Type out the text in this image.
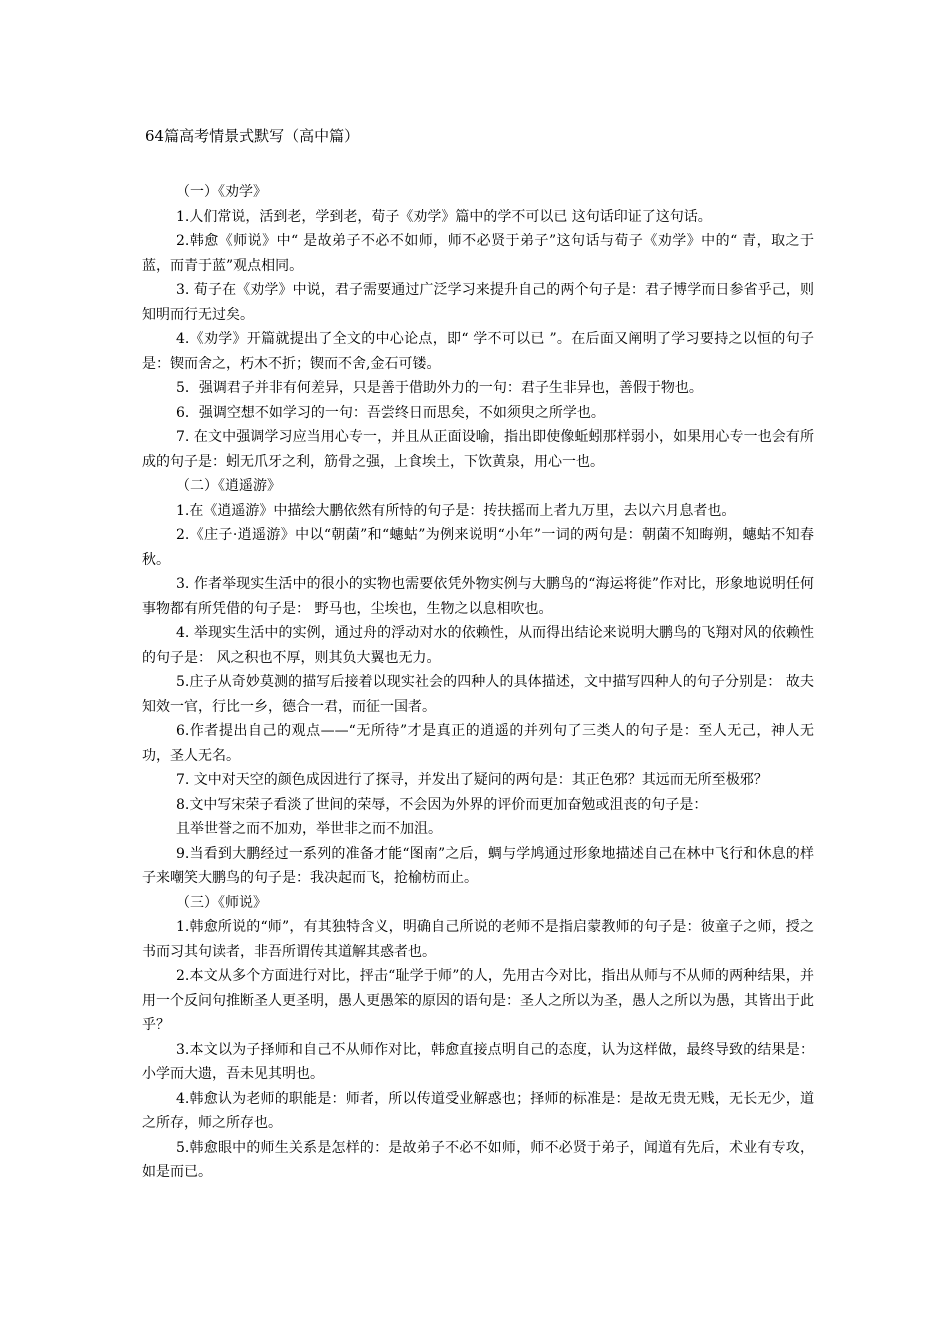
64篇高考情景式默写（高中篇）
（一）《劝学》

1.人们常说，活到老，学到老，荀子《劝学》篇中的学不可以已 这句话印证了这句话。

2.韩愈《师说》中“ 是故弟子不必不如师，师不必贤于弟子”这句话与荀子《劝学》中的“ 青，取之于蓝，而青于蓝”观点相同。

3. 荀子在《劝学》中说，君子需要通过广泛学习来提升自己的两个句子是：君子博学而日参省乎己，则知明而行无过矣。

4.《劝学》开篇就提出了全文的中心论点，即“ 学不可以已 ”。在后面又阐明了学习要持之以恒的句子是：锲而舍之，朽木不折；锲而不舍,金石可镂。

5．强调君子并非有何差异，只是善于借助外力的一句：君子生非异也，善假于物也。

6．强调空想不如学习的一句：吾尝终日而思矣，不如须臾之所学也。

7. 在文中强调学习应当用心专一，并且从正面设喻，指出即使像蚯蚓那样弱小，如果用心专一也会有所成的句子是：蚓无爪牙之利，筋骨之强，上食埃土，下饮黄泉，用心一也。

（二）《逍遥游》

1.在《逍遥游》中描绘大鹏依然有所恃的句子是：抟扶摇而上者九万里，去以六月息者也。

2.《庄子·逍遥游》中以“朝菌”和“蟪蛄”为例来说明“小年”一词的两句是：朝菌不知晦朔，蟪蛄不知春秋。

3. 作者举现实生活中的很小的实物也需要依凭外物实例与大鹏鸟的“海运将徙”作对比，形象地说明任何事物都有所凭借的句子是： 野马也，尘埃也，生物之以息相吹也。

4. 举现实生活中的实例，通过舟的浮动对水的依赖性，从而得出结论来说明大鹏鸟的飞翔对风的依赖性的句子是： 风之积也不厚，则其负大翼也无力。

5.庄子从奇妙莫测的描写后接着以现实社会的四种人的具体描述，文中描写四种人的句子分别是： 故夫知效一官，行比一乡，德合一君，而征一国者。

6.作者提出自己的观点——“无所待”才是真正的逍遥的并列句了三类人的句子是：至人无己，神人无功，圣人无名。

7. 文中对天空的颜色成因进行了探寻，并发出了疑问的两句是：其正色邪？其远而无所至极邪？

8.文中写宋荣子看淡了世间的荣辱，不会因为外界的评价而更加奋勉或沮丧的句子是：

且举世誉之而不加劝，举世非之而不加沮。

9.当看到大鹏经过一系列的准备才能“图南”之后，蜩与学鸠通过形象地描述自己在林中飞行和休息的样子来嘲笑大鹏鸟的句子是：我决起而飞，抢榆枋而止。

（三）《师说》

1.韩愈所说的“师”，有其独特含义，明确自己所说的老师不是指启蒙教师的句子是：彼童子之师，授之书而习其句读者，非吾所谓传其道解其惑者也。

2.本文从多个方面进行对比，抨击“耻学于师”的人，先用古今对比，指出从师与不从师的两种结果，并用一个反问句推断圣人更圣明，愚人更愚笨的原因的语句是：圣人之所以为圣，愚人之所以为愚，其皆出于此乎？

3.本文以为子择师和自己不从师作对比，韩愈直接点明自己的态度，认为这样做，最终导致的结果是：小学而大遗，吾未见其明也。

4.韩愈认为老师的职能是：师者，所以传道受业解惑也；择师的标准是：是故无贵无贱，无长无少，道之所存，师之所存也。

5.韩愈眼中的师生关系是怎样的：是故弟子不必不如师，师不必贤于弟子，闻道有先后，术业有专攻，如是而已。
